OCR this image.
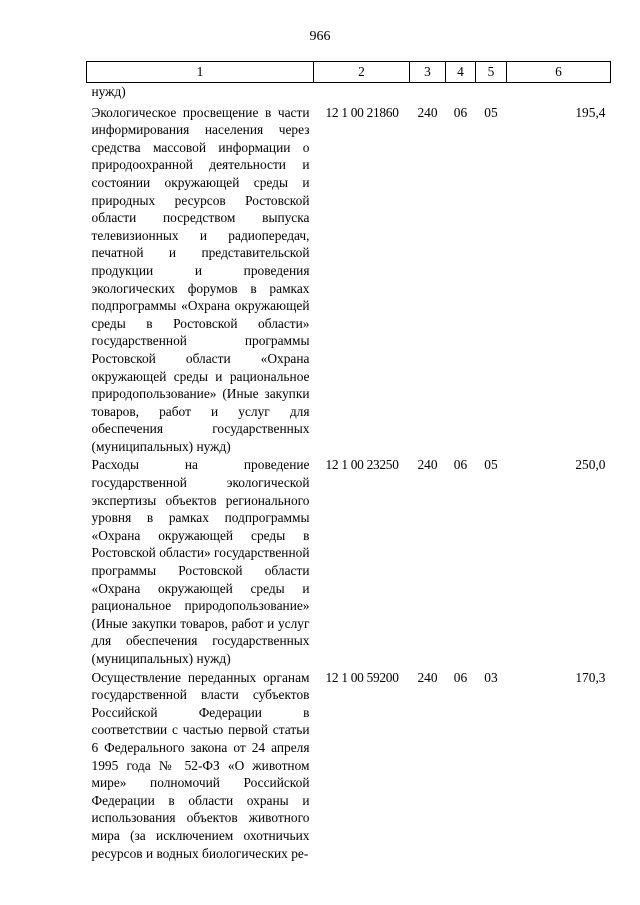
966
1	2	3	4	5	6
нужд)					
Экологическое просвещение в части информирования населения через средства массовой информации о природоохранной деятельности и состоянии окружающей среды и природных ресурсов Ростовской области посредством выпуска телевизионных и радиопередач, печатной и представительской продукции и проведения экологических форумов в рамках подпрограммы «Охрана окружающей среды в Ростовской области» государственной программы Ростовской области «Охрана окружающей среды и рациональное природопользование» (Иные закупки товаров, работ и услуг для обеспечения государственных (муниципальных) нужд)	12 1 00 21860	240	06	05	195,4
Расходы на проведение государственной экологической экспертизы объектов регионального уровня в рамках подпрограммы «Охрана окружающей среды в Ростовской области» государственной программы Ростовской области «Охрана окружающей среды и рациональное природопользование» (Иные закупки товаров, работ и услуг для обеспечения государственных (муниципальных) нужд)	12 1 00 23250	240	06	05	250,0
Осуществление переданных органам государственной власти субъектов Российской Федерации в соответствии с частью первой статьи 6 Федерального закона от 24 апреля 1995 года № 52-ФЗ «О животном мире» полномочий Российской Федерации в области охраны и использования объектов животного мира (за исключением охотничьих ресурсов и водных биологических ре-	12 1 00 59200	240	06	03	170,3
